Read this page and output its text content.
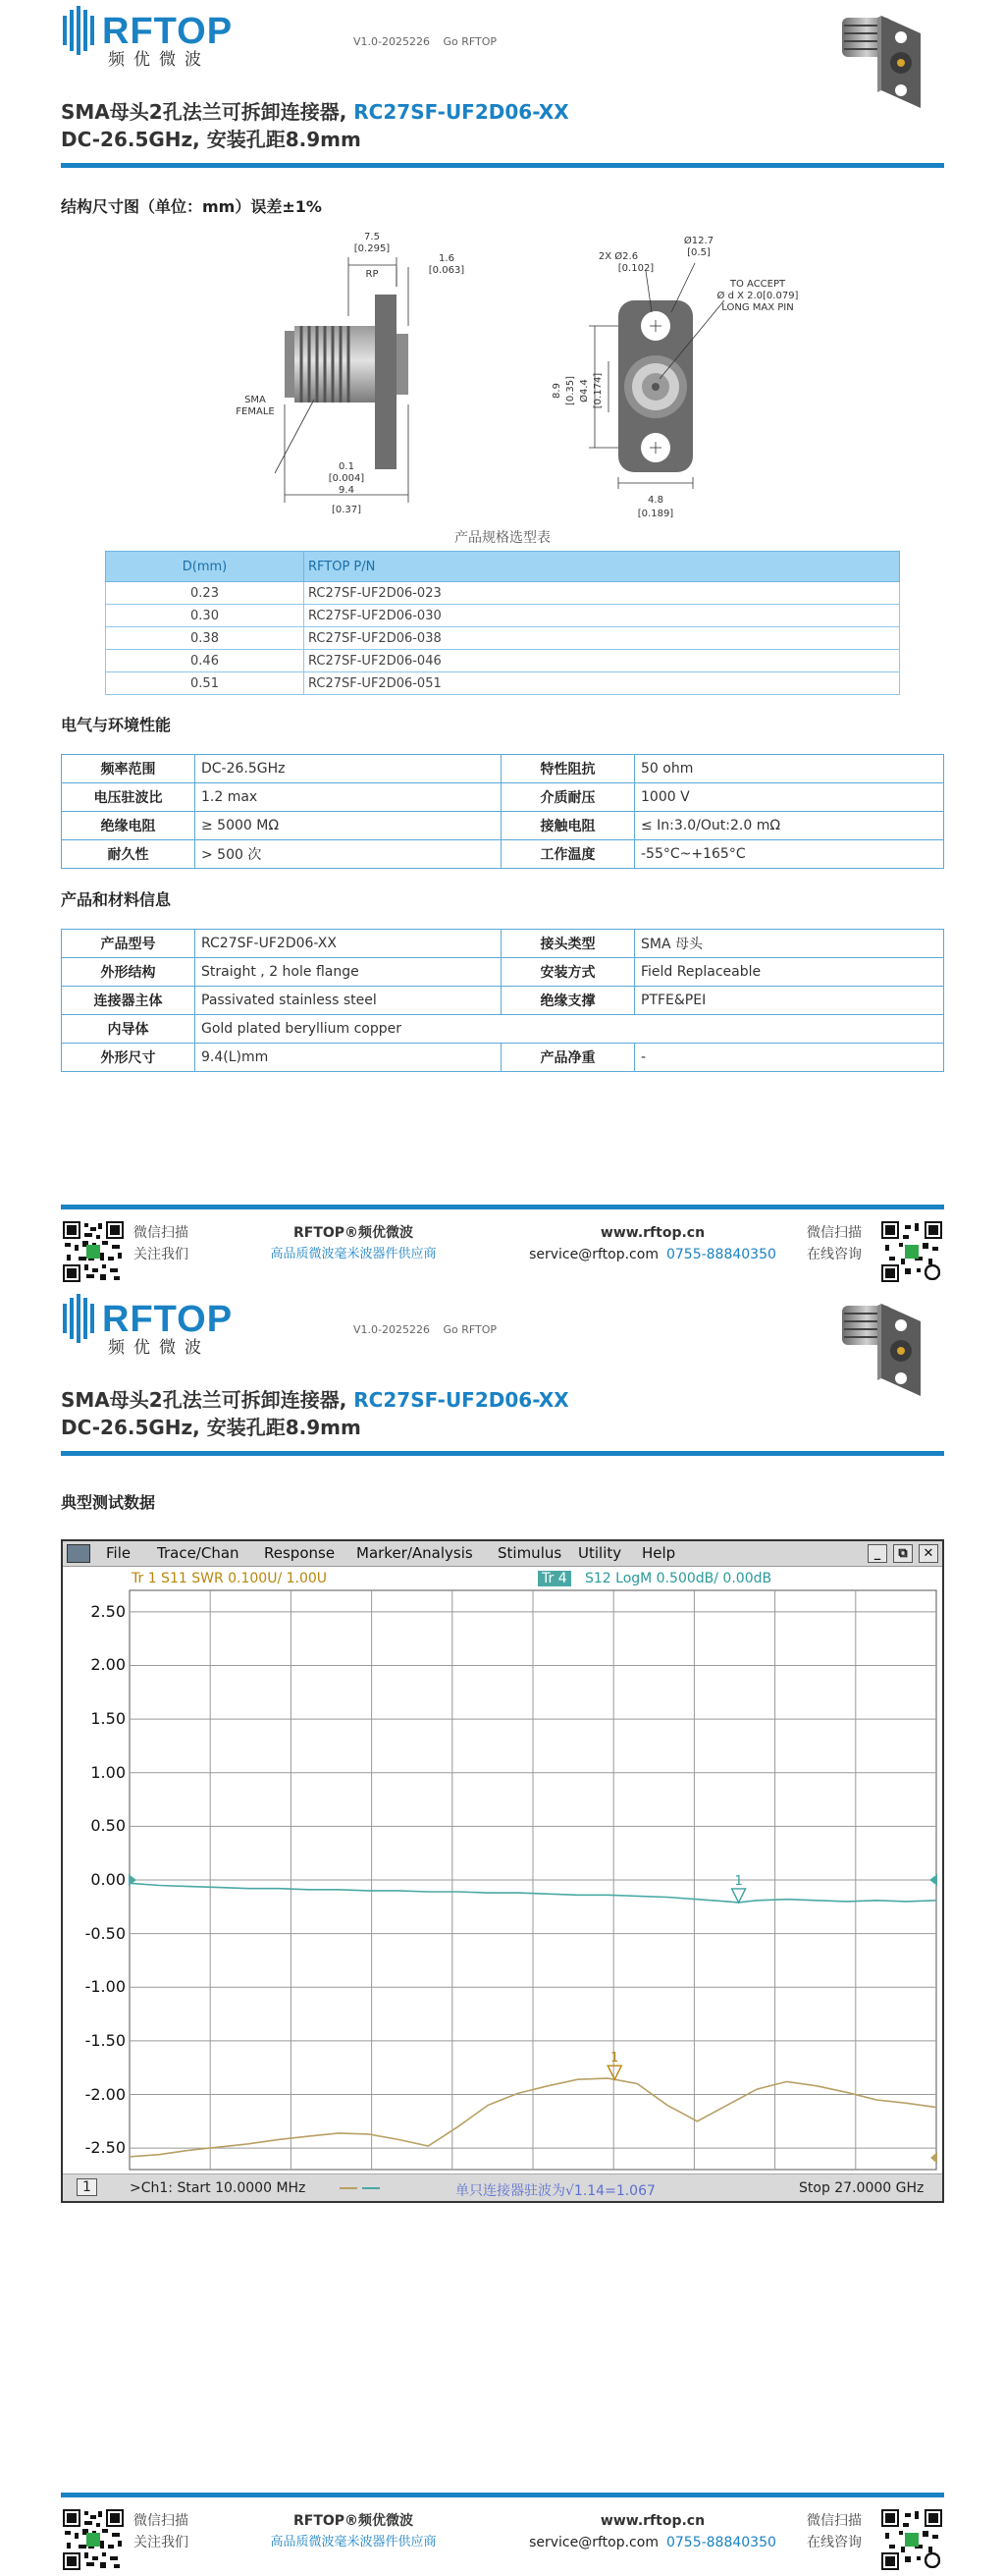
RFTOP
频优微波
V1.0-2025226 Go RFTOP
SMA母头2孔法兰可拆卸连接器, RC27SF-UF2D06-XX
DC-26.5GHz, 安装孔距8.9mm
结构尺寸图（单位：mm）误差±1%
7.5
[0.295]
RP
1.6
[0.063]
SMA
FEMALE
0.1
[0.004]
9.4
[0.37]
2X Ø2.6
[0.102]
Ø12.7
[0.5]
TO ACCEPT
Ø d X 2.0[0.079]
LONG MAX PIN
8.9 [0.35] Ø4.4 [0.174]
4.8
[0.189]
产品规格选型表
D(mm)	RFTOP P/N
0.23	RC27SF-UF2D06-023
0.30	RC27SF-UF2D06-030
0.38	RC27SF-UF2D06-038
0.46	RC27SF-UF2D06-046
0.51	RC27SF-UF2D06-051
电气与环境性能
频率范围	DC-26.5GHz	特性阻抗	50 ohm
电压驻波比	1.2 max	介质耐压	1000 V
绝缘电阻	≥ 5000 MΩ	接触电阻	≤ In:3.0/Out:2.0 mΩ
耐久性	> 500 次	工作温度	-55°C~+165°C
产品和材料信息
产品型号	RC27SF-UF2D06-XX	接头类型	SMA 母头
外形结构	Straight , 2 hole flange	安装方式	Field Replaceable
连接器主体	Passivated stainless steel	绝缘支撑	PTFE&PEI
内导体	Gold plated beryllium copper		
外形尺寸	9.4(L)mm	产品净重	-
微信扫描
关注我们
RFTOP®频优微波
高品质微波毫米波器件供应商
www.rftop.cn
service@rftop.com 0755-88840350
微信扫描
在线咨询
RFTOP
频优微波
V1.0-2025226 Go RFTOP
SMA母头2孔法兰可拆卸连接器, RC27SF-UF2D06-XX
DC-26.5GHz, 安装孔距8.9mm
典型测试数据
File Trace/Chan Response Marker/Analysis Stimulus Utility Help	_	⧉	✕
Tr 1 S11 SWR 0.100U/ 1.00U	Tr 4 S12 LogM 0.500dB/ 0.00dB
2.50
2.00
1.50
1.00
0.50
0.00
-0.50
-1.00
-1.50
-2.00
-2.50
1
1
1	>Ch1: Start 10.0000 MHz	单只连接器驻波为√1.14=1.067	Stop 27.0000 GHz
微信扫描
关注我们
RFTOP®频优微波
高品质微波毫米波器件供应商
www.rftop.cn
service@rftop.com 0755-88840350
微信扫描
在线咨询
